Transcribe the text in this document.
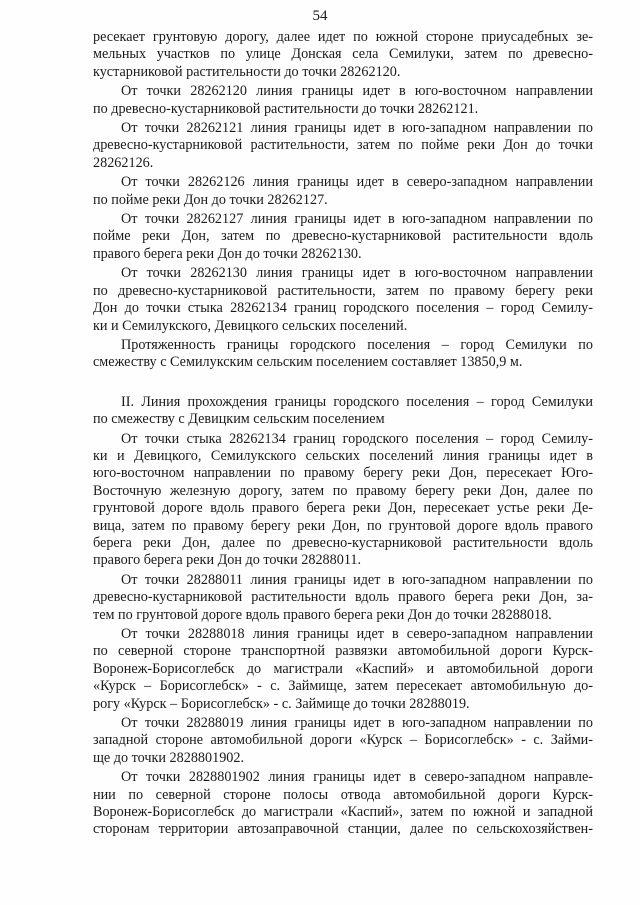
54

ресекает грунтовую дорогу, далее идет по южной стороне приусадебных зе-
мельных участков по улице Донская села Семилуки, затем по древесно-
кустарниковой растительности до точки 28262120.

От точки 28262120 линия границы идет в юго-восточном направлении
по древесно-кустарниковой растительности до точки 28262121.

От точки 28262121 линия границы идет в юго-западном направлении по
древесно-кустарниковой растительности, затем по пойме реки Дон до точки
28262126.

От точки 28262126 линия границы идет в северо-западном направлении
по пойме реки Дон до точки 28262127.

От точки 28262127 линия границы идет в юго-западном направлении по
пойме реки Дон, затем по древесно-кустарниковой растительности вдоль
правого берега реки Дон до точки 28262130.

От точки 28262130 линия границы идет в юго-восточном направлении
по древесно-кустарниковой растительности, затем по правому берегу реки
Дон до точки стыка 28262134 границ городского поселения – город Семилу-
ки и Семилукского, Девицкого сельских поселений.

Протяженность границы городского поселения – город Семилуки по
смежеству с Семилукским сельским поселением составляет 13850,9 м.

II. Линия прохождения границы городского поселения – город Семилуки
по смежеству с Девицким сельским поселением

От точки стыка 28262134 границ городского поселения – город Семилу-
ки и Девицкого, Семилукского сельских поселений линия границы идет в
юго-восточном направлении по правому берегу реки Дон, пересекает Юго-
Восточную железную дорогу, затем по правому берегу реки Дон, далее по
грунтовой дороге вдоль правого берега реки Дон, пересекает устье реки Де-
вица, затем по правому берегу реки Дон, по грунтовой дороге вдоль правого
берега реки Дон, далее по древесно-кустарниковой растительности вдоль
правого берега реки Дон до точки 28288011.

От точки 28288011 линия границы идет в юго-западном направлении по
древесно-кустарниковой растительности вдоль правого берега реки Дон, за-
тем по грунтовой дороге вдоль правого берега реки Дон до точки 28288018.

От точки 28288018 линия границы идет в северо-западном направлении
по северной стороне транспортной развязки автомобильной дороги Курск-
Воронеж-Борисоглебск до магистрали «Каспий» и автомобильной дороги
«Курск – Борисоглебск» - с. Займище, затем пересекает автомобильную до-
рогу «Курск – Борисоглебск» - с. Займище до точки 28288019.

От точки 28288019 линия границы идет в юго-западном направлении по
западной стороне автомобильной дороги «Курск – Борисоглебск» - с. Займи-
ще до точки 2828801902.

От точки 2828801902 линия границы идет в северо-западном направле-
нии по северной стороне полосы отвода автомобильной дороги Курск-
Воронеж-Борисоглебск до магистрали «Каспий», затем по южной и западной
сторонам территории автозаправочной станции, далее по сельскохозяйствен-
